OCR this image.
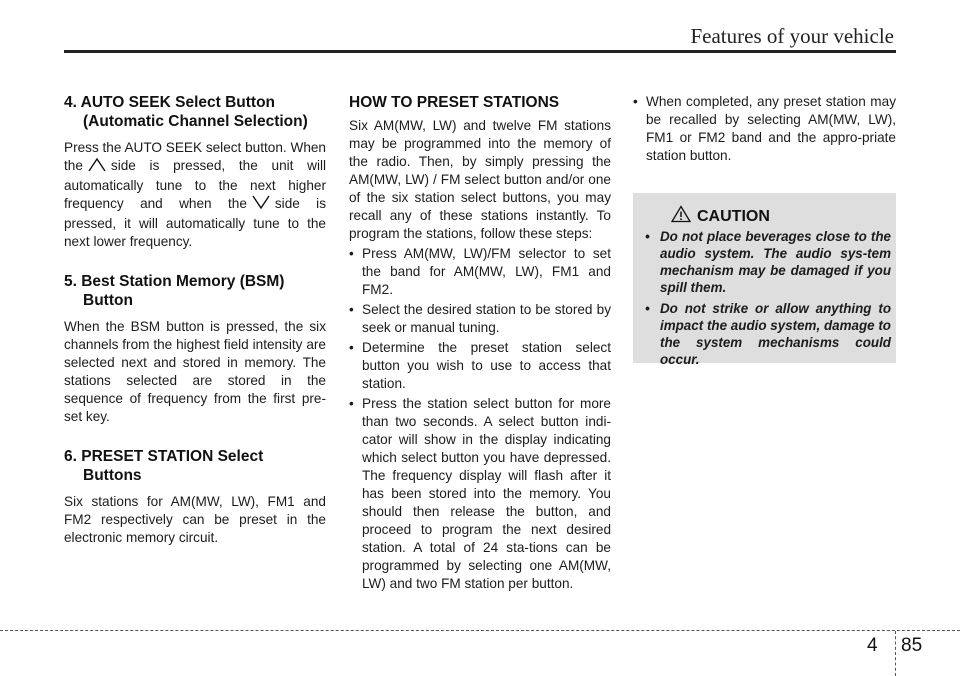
Features of your vehicle
4. AUTO SEEK Select Button (Automatic Channel Selection)

Press the AUTO SEEK select button. When the side is pressed, the unit will automatically tune to the next higher frequency and when the side is pressed, it will automatically tune to the next lower frequency.

5. Best Station Memory (BSM) Button

When the BSM button is pressed, the six channels from the highest field intensity are selected next and stored in memory. The stations selected are stored in the sequence of frequency from the first pre-set key.

6. PRESET STATION Select Buttons

Six stations for AM(MW, LW), FM1 and FM2 respectively can be preset in the electronic memory circuit.

HOW TO PRESET STATIONS

Six AM(MW, LW) and twelve FM stations may be programmed into the memory of the radio. Then, by simply pressing the AM(MW, LW) / FM select button and/or one of the six station select buttons, you may recall any of these stations instantly. To program the stations, follow these steps:

• Press AM(MW, LW)/FM selector to set the band for AM(MW, LW), FM1 and FM2.
• Select the desired station to be stored by seek or manual tuning.
• Determine the preset station select button you wish to use to access that station.
• Press the station select button for more than two seconds. A select button indi-cator will show in the display indicating which select button you have depressed. The frequency display will flash after it has been stored into the memory. You should then release the button, and proceed to program the next desired station. A total of 24 sta-tions can be programmed by selecting one AM(MW, LW) and two FM station per button.
• When completed, any preset station may be recalled by selecting AM(MW, LW), FM1 or FM2 band and the appro-priate station button.
CAUTION
• Do not place beverages close to the audio system. The audio sys-tem mechanism may be damaged if you spill them.
• Do not strike or allow anything to impact the audio system, damage to the system mechanisms could occur.
4 85
